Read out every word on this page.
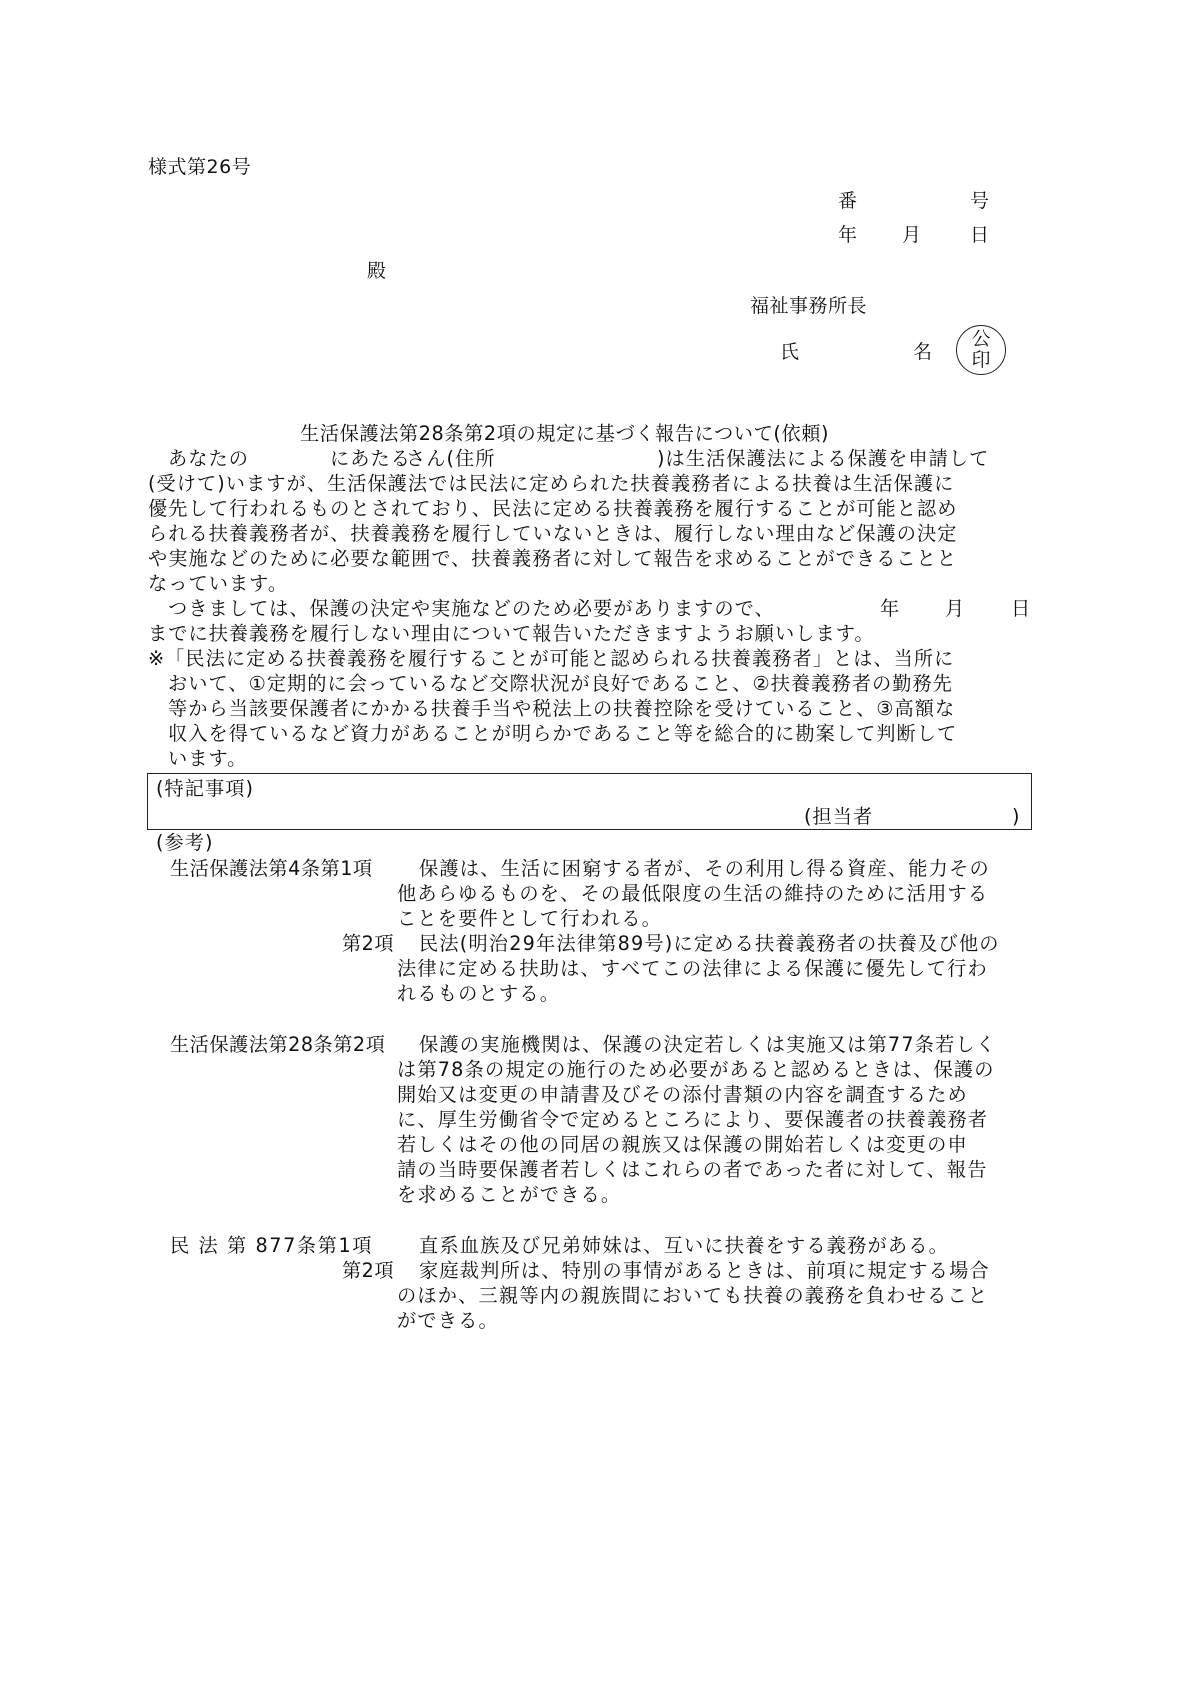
様式第26号
番	号
年 月	日
殿
福祉事務所長
氏	名
公
印
生活保護法第28条第2項の規定に基づく報告について(依頼)
あなたの	にあたる
さん(住所	)は生活保護法による保護を申請して
(受けて)いますが、生活保護法では民法に定められた扶養義務者による扶養は生活保護に
優先して行われるものとされており、民法に定める扶養義務を履行することが可能と認め
られる扶養義務者が、扶養義務を履行していないときは、履行しない理由など保護の決定
や実施などのために必要な範囲で、扶養義務者に対して報告を求めることができることと
なっています。
つきましては、保護の決定や実施などのため必要がありますので、	年 月 日
までに扶養義務を履行しない理由について報告いただきますようお願いします。
※「民法に定める扶養義務を履行することが可能と認められる扶養義務者」とは、当所に
おいて、①定期的に会っているなど交際状況が良好であること、②扶養義務者の勤務先
等から当該要保護者にかかる扶養手当や税法上の扶養控除を受けていること、③高額な
収入を得ているなど資力があることが明らかであること等を総合的に勘案して判断して
います。
(特記事項)
(担当者	)
(参考)
生活保護法第4条第1項 保護は、生活に困窮する者が、その利用し得る資産、能力その
他あらゆるものを、その最低限度の生活の維持のために活用する
ことを要件として行われる。
第2項 民法(明治29年法律第89号)に定める扶養義務者の扶養及び他の
法律に定める扶助は、すべてこの法律による保護に優先して行わ
れるものとする。
生活保護法第28条第2項 保護の実施機関は、保護の決定若しくは実施又は第77条若しく
は第78条の規定の施行のため必要があると認めるときは、保護の
開始又は変更の申請書及びその添付書類の内容を調査するため
に、厚生労働省令で定めるところにより、要保護者の扶養義務者
若しくはその他の同居の親族又は保護の開始若しくは変更の申
請の当時要保護者若しくはこれらの者であった者に対して、報告
を求めることができる。
民 法 第 877条第1項 直系血族及び兄弟姉妹は、互いに扶養をする義務がある。
第2項 家庭裁判所は、特別の事情があるときは、前項に規定する場合
のほか、三親等内の親族間においても扶養の義務を負わせること
ができる。
